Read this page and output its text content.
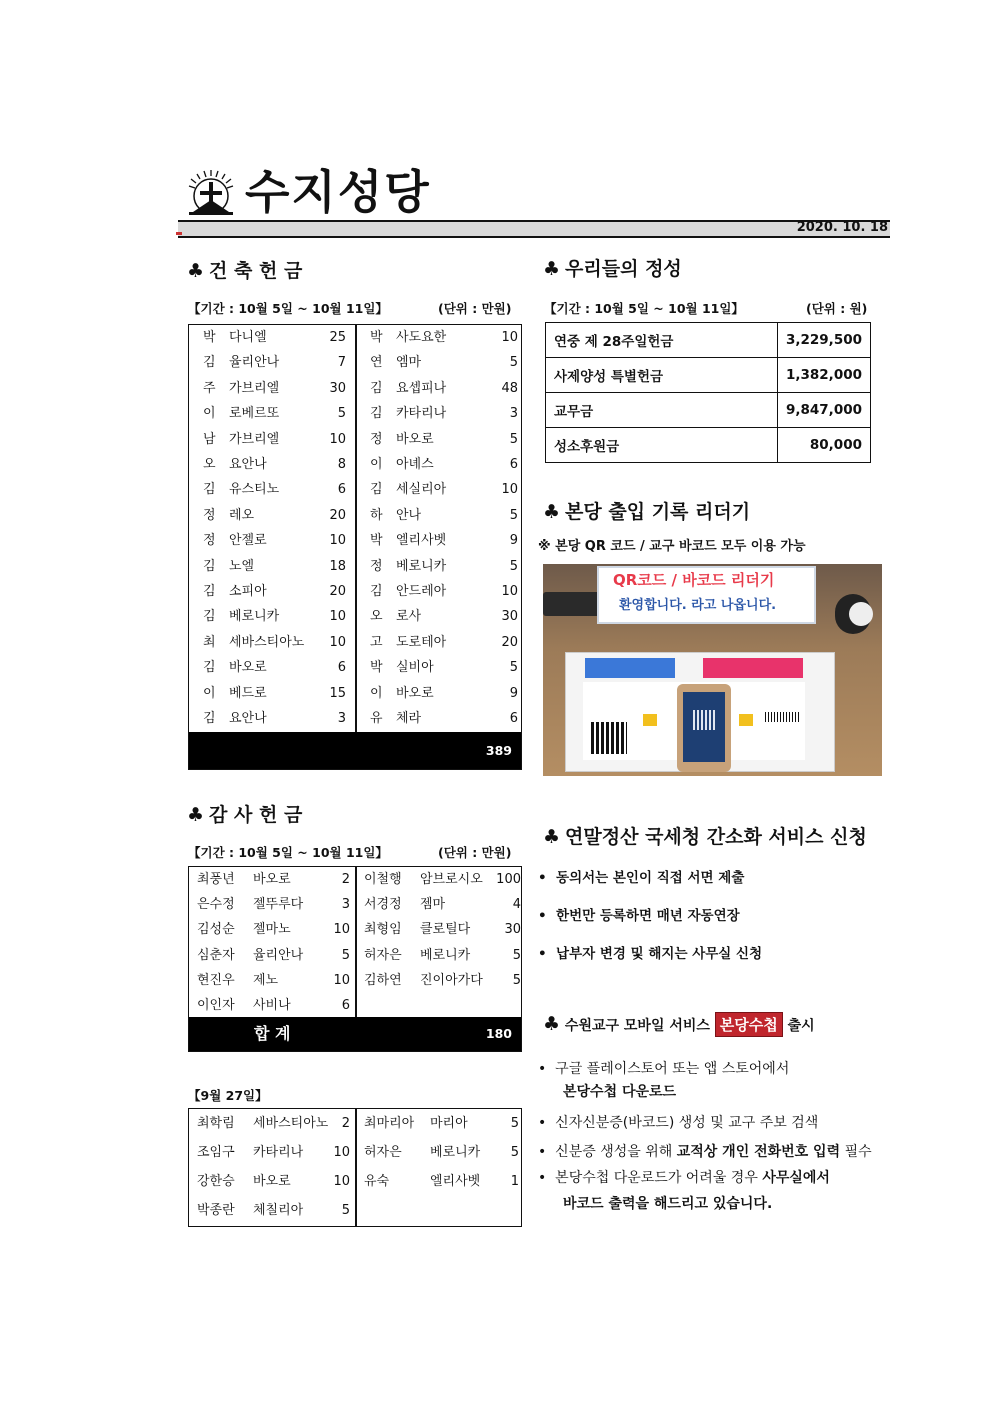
수지성당
2020. 10. 18
♣ 건 축 헌 금
【기간 : 10월 5일 ~ 10월 11일】	(단위 : 만원)
박 다니엘	25
김 율리안나	7
주 가브리엘	30
이 로베르또	5
남 가브리엘	10
오 요안나	8
김 유스티노	6
정 레오	20
정 안젤로	10
김 노엘	18
김 소피아	20
김 베로니카	10
최 세바스티아노 10
김 바오로	6
이 베드로	15
김 요안나	3
박 사도요한	10
연 엠마	5
김 요셉피나	48
김 카타리나	3
정 바오로	5
이 아녜스	6
김 세실리아	10
하 안나	5
박 엘리사벳	9
정 베로니카	5
김 안드레아	10
오 로사	30
고 도로테아	20
박 실비아	5
이 바오로	9
유 체라	6
389
♣ 감 사 헌 금
【기간 : 10월 5일 ~ 10월 11일】	(단위 : 만원)
최풍년 바오로	2
은수정 젤뚜루다	3
김성순 젤마노	10
심춘자 율리안나	5
현진우 제노	10
이인자 사비나	6
이철행 암브로시오 100
서경정 젬마	4
최형임 클로틸다	30
허자은 베로니카	5
김하연 진이아가다 5
합 계	180
【9월 27일】
최학림 세바스티아노 2
조임구 카타리나 10
강한승 바오로	10
박종란 체칠리아	5
최마리아 마리아	5
허자은 베로니카 5
유숙	엘리사벳 1
♣ 우리들의 정성
【기간 : 10월 5일 ~ 10월 11일】	(단위 : 원)
연중 제 28주일헌금	3,229,500
사제양성 특별헌금	1,382,000
교무금	9,847,000
성소후원금	80,000
♣ 본당 출입 기록 리더기
※ 본당 QR 코드 / 교구 바코드 모두 이용 가능
QR코드 / 바코드 리더기
환영합니다. 라고 나옵니다.
♣ 연말정산 국세청 간소화 서비스 신청
•  동의서는 본인이 직접 서면 제출
•  한번만 등록하면 매년 자동연장
•  납부자 변경 및 해지는 사무실 신청
♣ 수원교구 모바일 서비스 본당수첩 출시
•  구글 플레이스토어 또는 앱 스토어에서
본당수첩 다운로드
•  신자신분증(바코드) 생성 및 교구 주보 검색
•  신분증 생성을 위해 교적상 개인 전화번호 입력 필수
•  본당수첩 다운로드가 어려울 경우 사무실에서
바코드 출력을 해드리고 있습니다.
